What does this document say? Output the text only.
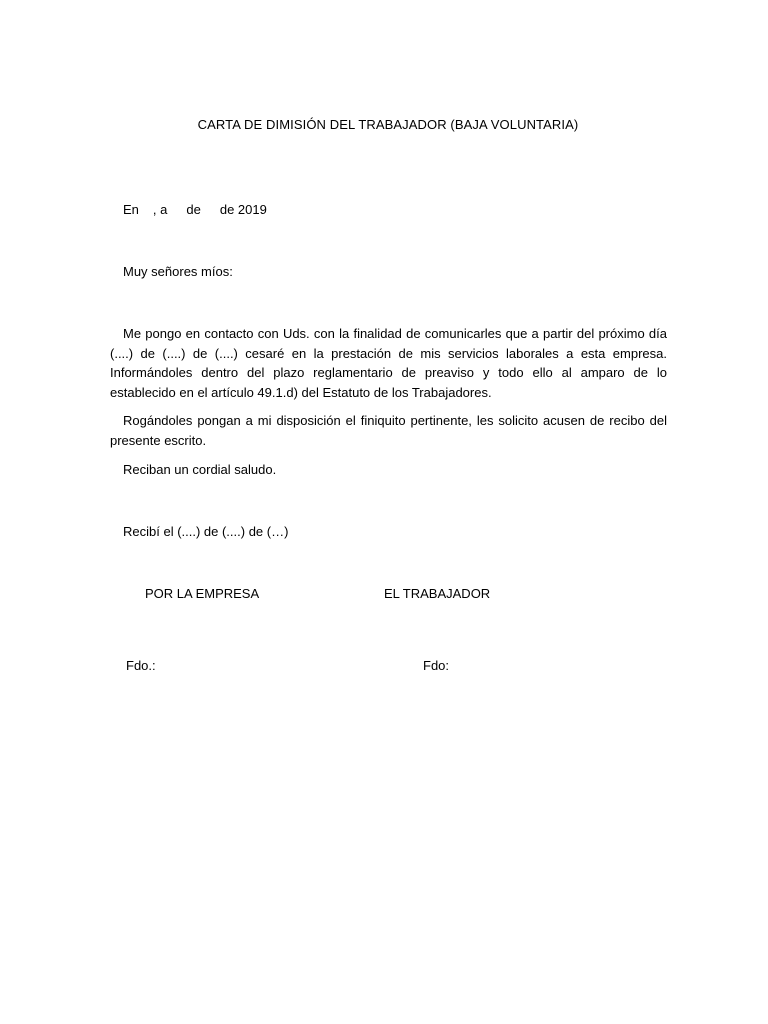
CARTA DE DIMISIÓN DEL TRABAJADOR (BAJA VOLUNTARIA)
En , a de de 2019
Muy señores míos:
Me pongo en contacto con Uds. con la finalidad de comunicarles que a partir del próximo día (....) de (....) de (....) cesaré en la prestación de mis servicios laborales a esta empresa. Informándoles dentro del plazo reglamentario de preaviso y todo ello al amparo de lo establecido en el artículo 49.1.d) del Estatuto de los Trabajadores.
Rogándoles pongan a mi disposición el finiquito pertinente, les solicito acusen de recibo del presente escrito.
Reciban un cordial saludo.
Recibí el (....) de (....) de (…)
POR LA EMPRESA	EL TRABAJADOR
Fdo.:	Fdo:
